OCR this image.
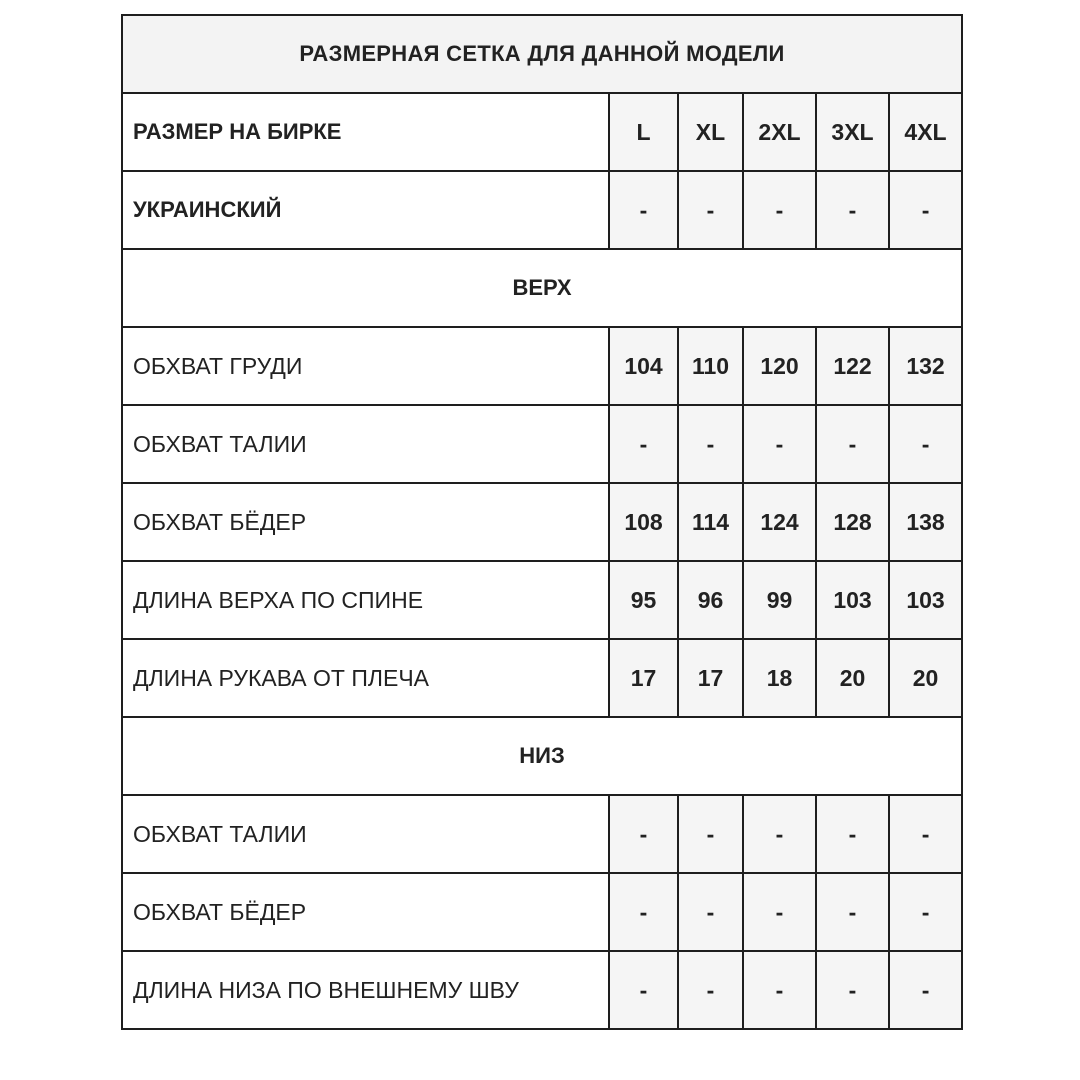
РАЗМЕРНАЯ СЕТКА ДЛЯ ДАННОЙ МОДЕЛИ					
РАЗМЕР НА БИРКЕ	L	XL	2XL	3XL	4XL
УКРАИНСКИЙ	-	-	-	-	-
ВЕРХ					
ОБХВАТ ГРУДИ	104	110	120	122	132
ОБХВАТ ТАЛИИ	-	-	-	-	-
ОБХВАТ БЁДЕР	108	114	124	128	138
ДЛИНА ВЕРХА ПО СПИНЕ	95	96	99	103	103
ДЛИНА РУКАВА ОТ ПЛЕЧА	17	17	18	20	20
НИЗ					
ОБХВАТ ТАЛИИ	-	-	-	-	-
ОБХВАТ БЁДЕР	-	-	-	-	-
ДЛИНА НИЗА ПО ВНЕШНЕМУ ШВУ	-	-	-	-	-
